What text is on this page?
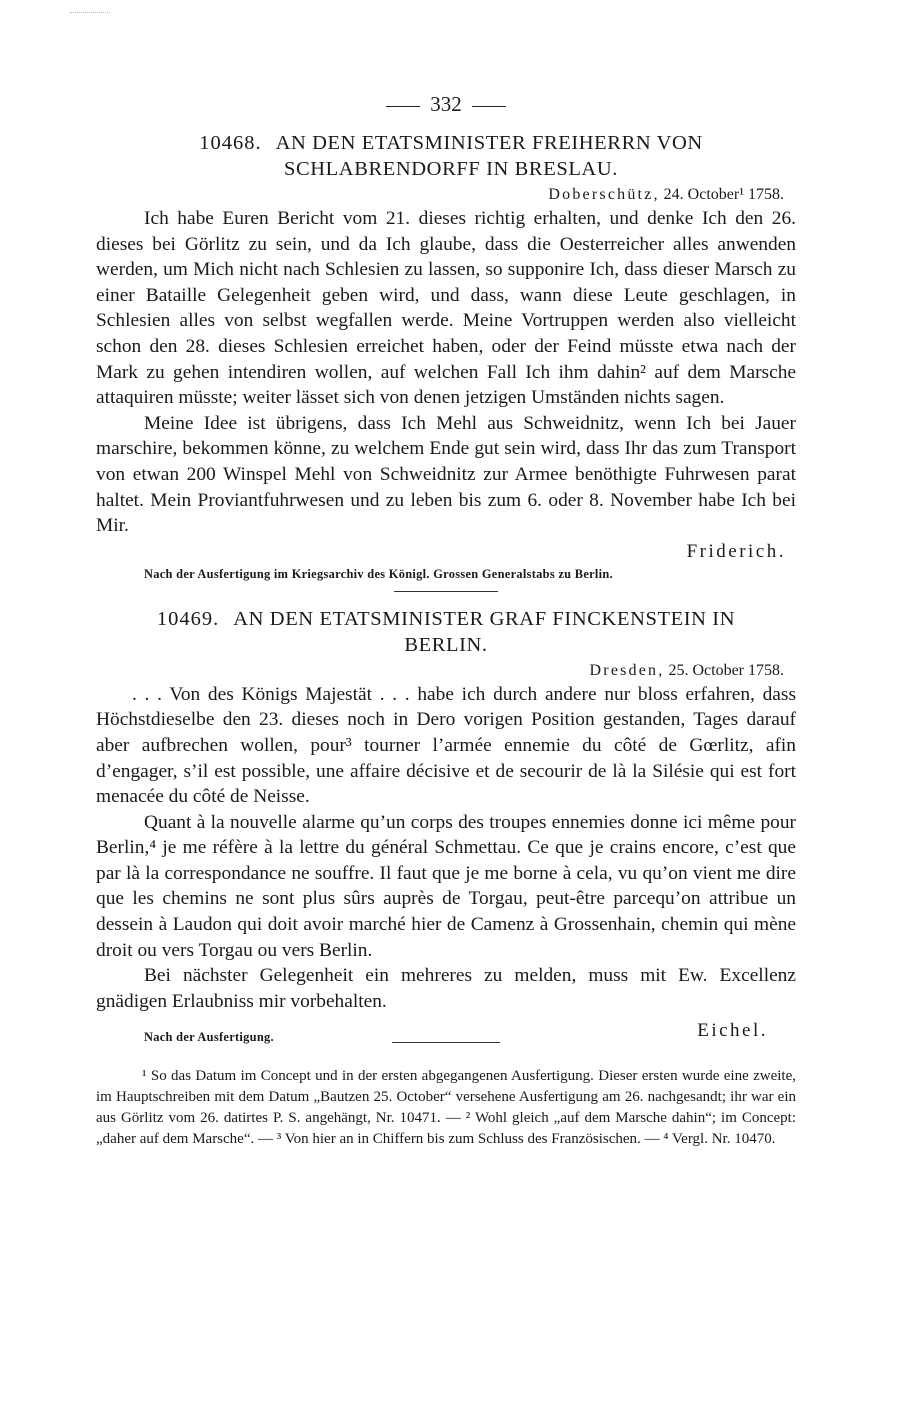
332
10468. AN DEN ETATSMINISTER FREIHERRN VON SCHLABRENDORFF IN BRESLAU.
Doberschütz, 24. October¹ 1758.

Ich habe Euren Bericht vom 21. dieses richtig erhalten, und denke Ich den 26. dieses bei Görlitz zu sein, und da Ich glaube, dass die Oesterreicher alles anwenden werden, um Mich nicht nach Schlesien zu lassen, so supponire Ich, dass dieser Marsch zu einer Bataille Gelegenheit geben wird, und dass, wann diese Leute geschlagen, in Schlesien alles von selbst wegfallen werde. Meine Vortruppen werden also vielleicht schon den 28. dieses Schlesien erreichet haben, oder der Feind müsste etwa nach der Mark zu gehen intendiren wollen, auf welchen Fall Ich ihm dahin² auf dem Marsche attaquiren müsste; weiter lässet sich von denen jetzigen Umständen nichts sagen.

Meine Idee ist übrigens, dass Ich Mehl aus Schweidnitz, wenn Ich bei Jauer marschire, bekommen könne, zu welchem Ende gut sein wird, dass Ihr das zum Transport von etwan 200 Winspel Mehl von Schweidnitz zur Armee benöthigte Fuhrwesen parat haltet. Mein Proviantfuhrwesen und zu leben bis zum 6. oder 8. November habe Ich bei Mir.

Friderich.
Nach der Ausfertigung im Kriegsarchiv des Königl. Grossen Generalstabs zu Berlin.
10469. AN DEN ETATSMINISTER GRAF FINCKENSTEIN IN BERLIN.
Dresden, 25. October 1758.

. . . Von des Königs Majestät . . . habe ich durch andere nur bloss erfahren, dass Höchstdieselbe den 23. dieses noch in Dero vorigen Position gestanden, Tages darauf aber aufbrechen wollen, pour³ tourner l’armée ennemie du côté de Gœrlitz, afin d’engager, s’il est possible, une affaire décisive et de secourir de là la Silésie qui est fort menacée du côté de Neisse.

Quant à la nouvelle alarme qu’un corps des troupes ennemies donne ici même pour Berlin,⁴ je me réfère à la lettre du général Schmettau. Ce que je crains encore, c’est que par là la correspondance ne souffre. Il faut que je me borne à cela, vu qu’on vient me dire que les chemins ne sont plus sûrs auprès de Torgau, peut-être parcequ’on attribue un dessein à Laudon qui doit avoir marché hier de Camenz à Grossenhain, chemin qui mène droit ou vers Torgau ou vers Berlin.

Bei nächster Gelegenheit ein mehreres zu melden, muss mit Ew. Excellenz gnädigen Erlaubniss mir vorbehalten.

Nach der Ausfertigung.	Eichel.

¹ So das Datum im Concept und in der ersten abgegangenen Ausfertigung. Dieser ersten wurde eine zweite, im Hauptschreiben mit dem Datum „Bautzen 25. October“ versehene Ausfertigung am 26. nachgesandt; ihr war ein aus Görlitz vom 26. datirtes P. S. angehängt, Nr. 10471. — ² Wohl gleich „auf dem Marsche dahin“; im Concept: „daher auf dem Marsche“. — ³ Von hier an in Chiffern bis zum Schluss des Französischen. — ⁴ Vergl. Nr. 10470.
